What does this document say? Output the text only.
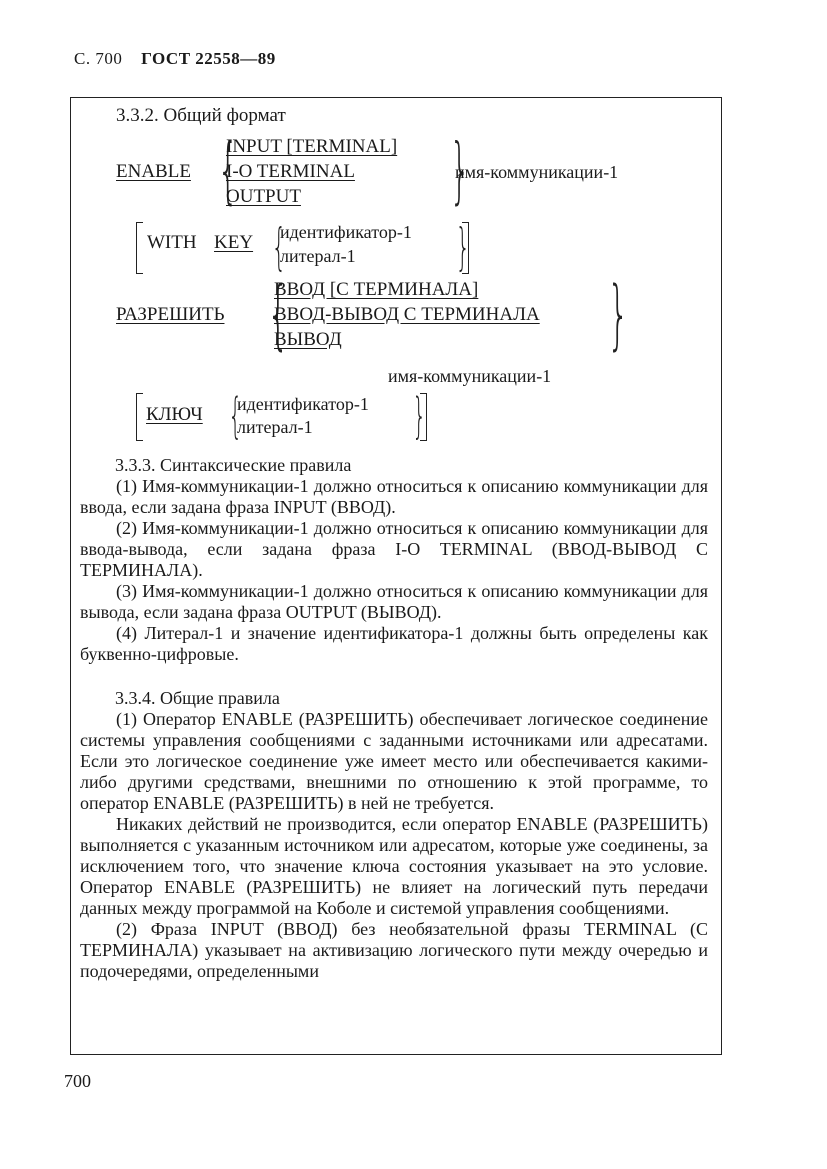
С. 700 ГОСТ 22558—89
3.3.2. Общий формат
ENABLE {
INPUT [TERMINAL]
I-O TERMINAL
OUTPUT }
имя-коммуникации-1
WITH KEY {
идентификатор-1
литерал-1 }
РАЗРЕШИТЬ {
ВВОД [С ТЕРМИНАЛА]
ВВОД-ВЫВОД С ТЕРМИНАЛА
ВЫВОД	}
имя-коммуникации-1
КЛЮЧ {
идентификатор-1
литерал-1 }
3.3.3. Синтаксические правила

(1) Имя-коммуникации-1 должно относиться к описанию коммуникации для ввода, если задана фраза INPUT (ВВОД).

(2) Имя-коммуникации-1 должно относиться к описанию коммуникации для ввода-вывода, если задана фраза I-O TERMINAL (ВВОД-ВЫВОД С ТЕРМИНАЛА).

(3) Имя-коммуникации-1 должно относиться к описанию коммуникации для вывода, если задана фраза OUTPUT (ВЫВОД).

(4) Литерал-1 и значение идентификатора-1 должны быть определены как буквенно-цифровые.

3.3.4. Общие правила

(1) Оператор ENABLE (РАЗРЕШИТЬ) обеспечивает логическое соединение системы управления сообщениями с заданными источниками или адресатами. Если это логическое соединение уже имеет место или обеспечивается какими-либо другими средствами, внешними по отношению к этой программе, то оператор ENABLE (РАЗРЕШИТЬ) в ней не требуется.

Никаких действий не производится, если оператор ENABLE (РАЗРЕШИТЬ) выполняется с указанным источником или адресатом, которые уже соединены, за исключением того, что значение ключа состояния указывает на это условие. Оператор ENABLE (РАЗРЕШИТЬ) не влияет на логический путь передачи данных между программой на Коболе и системой управления сообщениями.

(2) Фраза INPUT (ВВОД) без необязательной фразы TERMINAL (С ТЕРМИНАЛА) указывает на активизацию логического пути между очередью и подочередями, определенными

700
